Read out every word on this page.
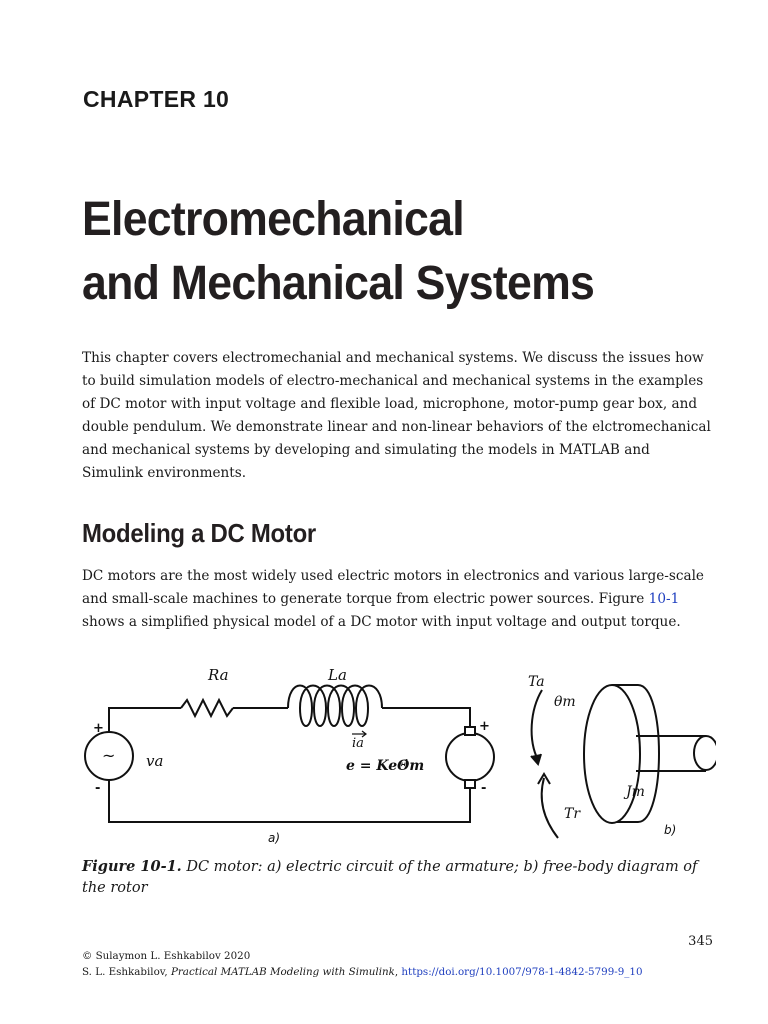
CHAPTER 10
Electromechanical
and Mechanical Systems

This chapter covers electromechanial and mechanical systems. We discuss the issues how to build simulation models of electro-mechanical and mechanical systems in the examples of DC motor with input voltage and flexible load, microphone, motor-pump gear box, and double pendulum. We demonstrate linear and non-linear behaviors of the elctromechanical and mechanical systems by developing and simulating the models in MATLAB and Simulink environments.

Modeling a DC Motor

DC motors are the most widely used electric motors in electronics and various large-scale and small-scale machines to generate torque from electric power sources. Figure 10-1 shows a simplified physical model of a DC motor with input voltage and output torque.

~
+
-
+
-
Ra	La
ia
va	e = KeΘ̇m
a)
Ta
θm
Tr
Jm
b)
Figure 10-1. DC motor: a) electric circuit of the armature; b) free-body diagram of the rotor
345
© Sulaymon L. Eshkabilov 2020
S. L. Eshkabilov, Practical MATLAB Modeling with Simulink, https://doi.org/10.1007/978-1-4842-5799-9_10
